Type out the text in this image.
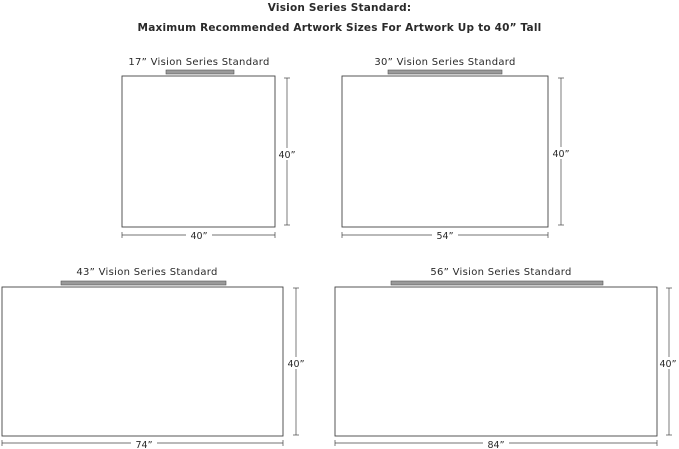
Vision Series Standard:
Maximum Recommended Artwork Sizes For Artwork Up to 40” Tall
17” Vision Series Standard
40”
40”
30” Vision Series Standard
40”
54”
43” Vision Series Standard
40”
74”
56” Vision Series Standard
40”
84”
